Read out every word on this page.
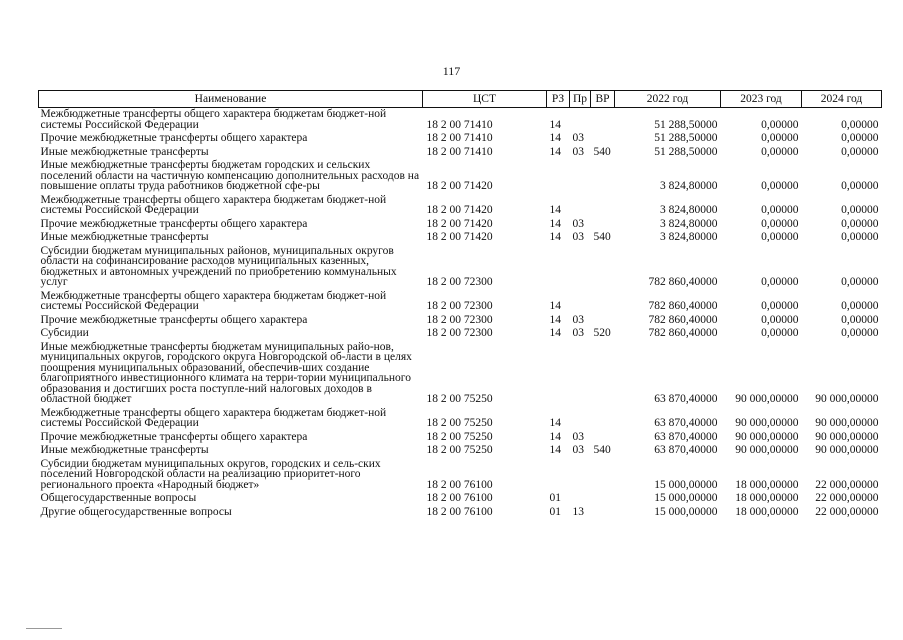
117
Наименование	ЦСТ	РЗ	Пр	ВР	2022 год	2023 год	2024 год
Межбюджетные трансферты общего характера бюджетам бюджет-ной системы Российской Федерации	18 2 00 71410	14			51 288,50000	0,00000	0,00000
Прочие межбюджетные трансферты общего характера	18 2 00 71410	14	03		51 288,50000	0,00000	0,00000
Иные межбюджетные трансферты	18 2 00 71410	14	03	540	51 288,50000	0,00000	0,00000
Иные межбюджетные трансферты бюджетам городских и сельских поселений области на частичную компенсацию дополнительных расходов на повышение оплаты труда работников бюджетной сфе-ры	18 2 00 71420				3 824,80000	0,00000	0,00000
Межбюджетные трансферты общего характера бюджетам бюджет-ной системы Российской Федерации	18 2 00 71420	14			3 824,80000	0,00000	0,00000
Прочие межбюджетные трансферты общего характера	18 2 00 71420	14	03		3 824,80000	0,00000	0,00000
Иные межбюджетные трансферты	18 2 00 71420	14	03	540	3 824,80000	0,00000	0,00000
Субсидии бюджетам муниципальных районов, муниципальных округов области на софинансирование расходов муниципальных казенных, бюджетных и автономных учреждений по приобретению коммунальных услуг	18 2 00 72300				782 860,40000	0,00000	0,00000
Межбюджетные трансферты общего характера бюджетам бюджет-ной системы Российской Федерации	18 2 00 72300	14			782 860,40000	0,00000	0,00000
Прочие межбюджетные трансферты общего характера	18 2 00 72300	14	03		782 860,40000	0,00000	0,00000
Субсидии	18 2 00 72300	14	03	520	782 860,40000	0,00000	0,00000
Иные межбюджетные трансферты бюджетам муниципальных райо-нов, муниципальных округов, городского округа Новгородской об-ласти в целях поощрения муниципальных образований, обеспечив-ших создание благоприятного инвестиционного климата на терри-тории муниципального образования и достигших роста поступле-ний налоговых доходов в областной бюджет	18 2 00 75250				63 870,40000	90 000,00000	90 000,00000
Межбюджетные трансферты общего характера бюджетам бюджет-ной системы Российской Федерации	18 2 00 75250	14			63 870,40000	90 000,00000	90 000,00000
Прочие межбюджетные трансферты общего характера	18 2 00 75250	14	03		63 870,40000	90 000,00000	90 000,00000
Иные межбюджетные трансферты	18 2 00 75250	14	03	540	63 870,40000	90 000,00000	90 000,00000
Субсидии бюджетам муниципальных округов, городских и сель-ских поселений Новгородской области на реализацию приоритет-ного регионального проекта «Народный бюджет»	18 2 00 76100				15 000,00000	18 000,00000	22 000,00000
Общегосударственные вопросы	18 2 00 76100	01			15 000,00000	18 000,00000	22 000,00000
Другие общегосударственные вопросы	18 2 00 76100	01	13		15 000,00000	18 000,00000	22 000,00000
